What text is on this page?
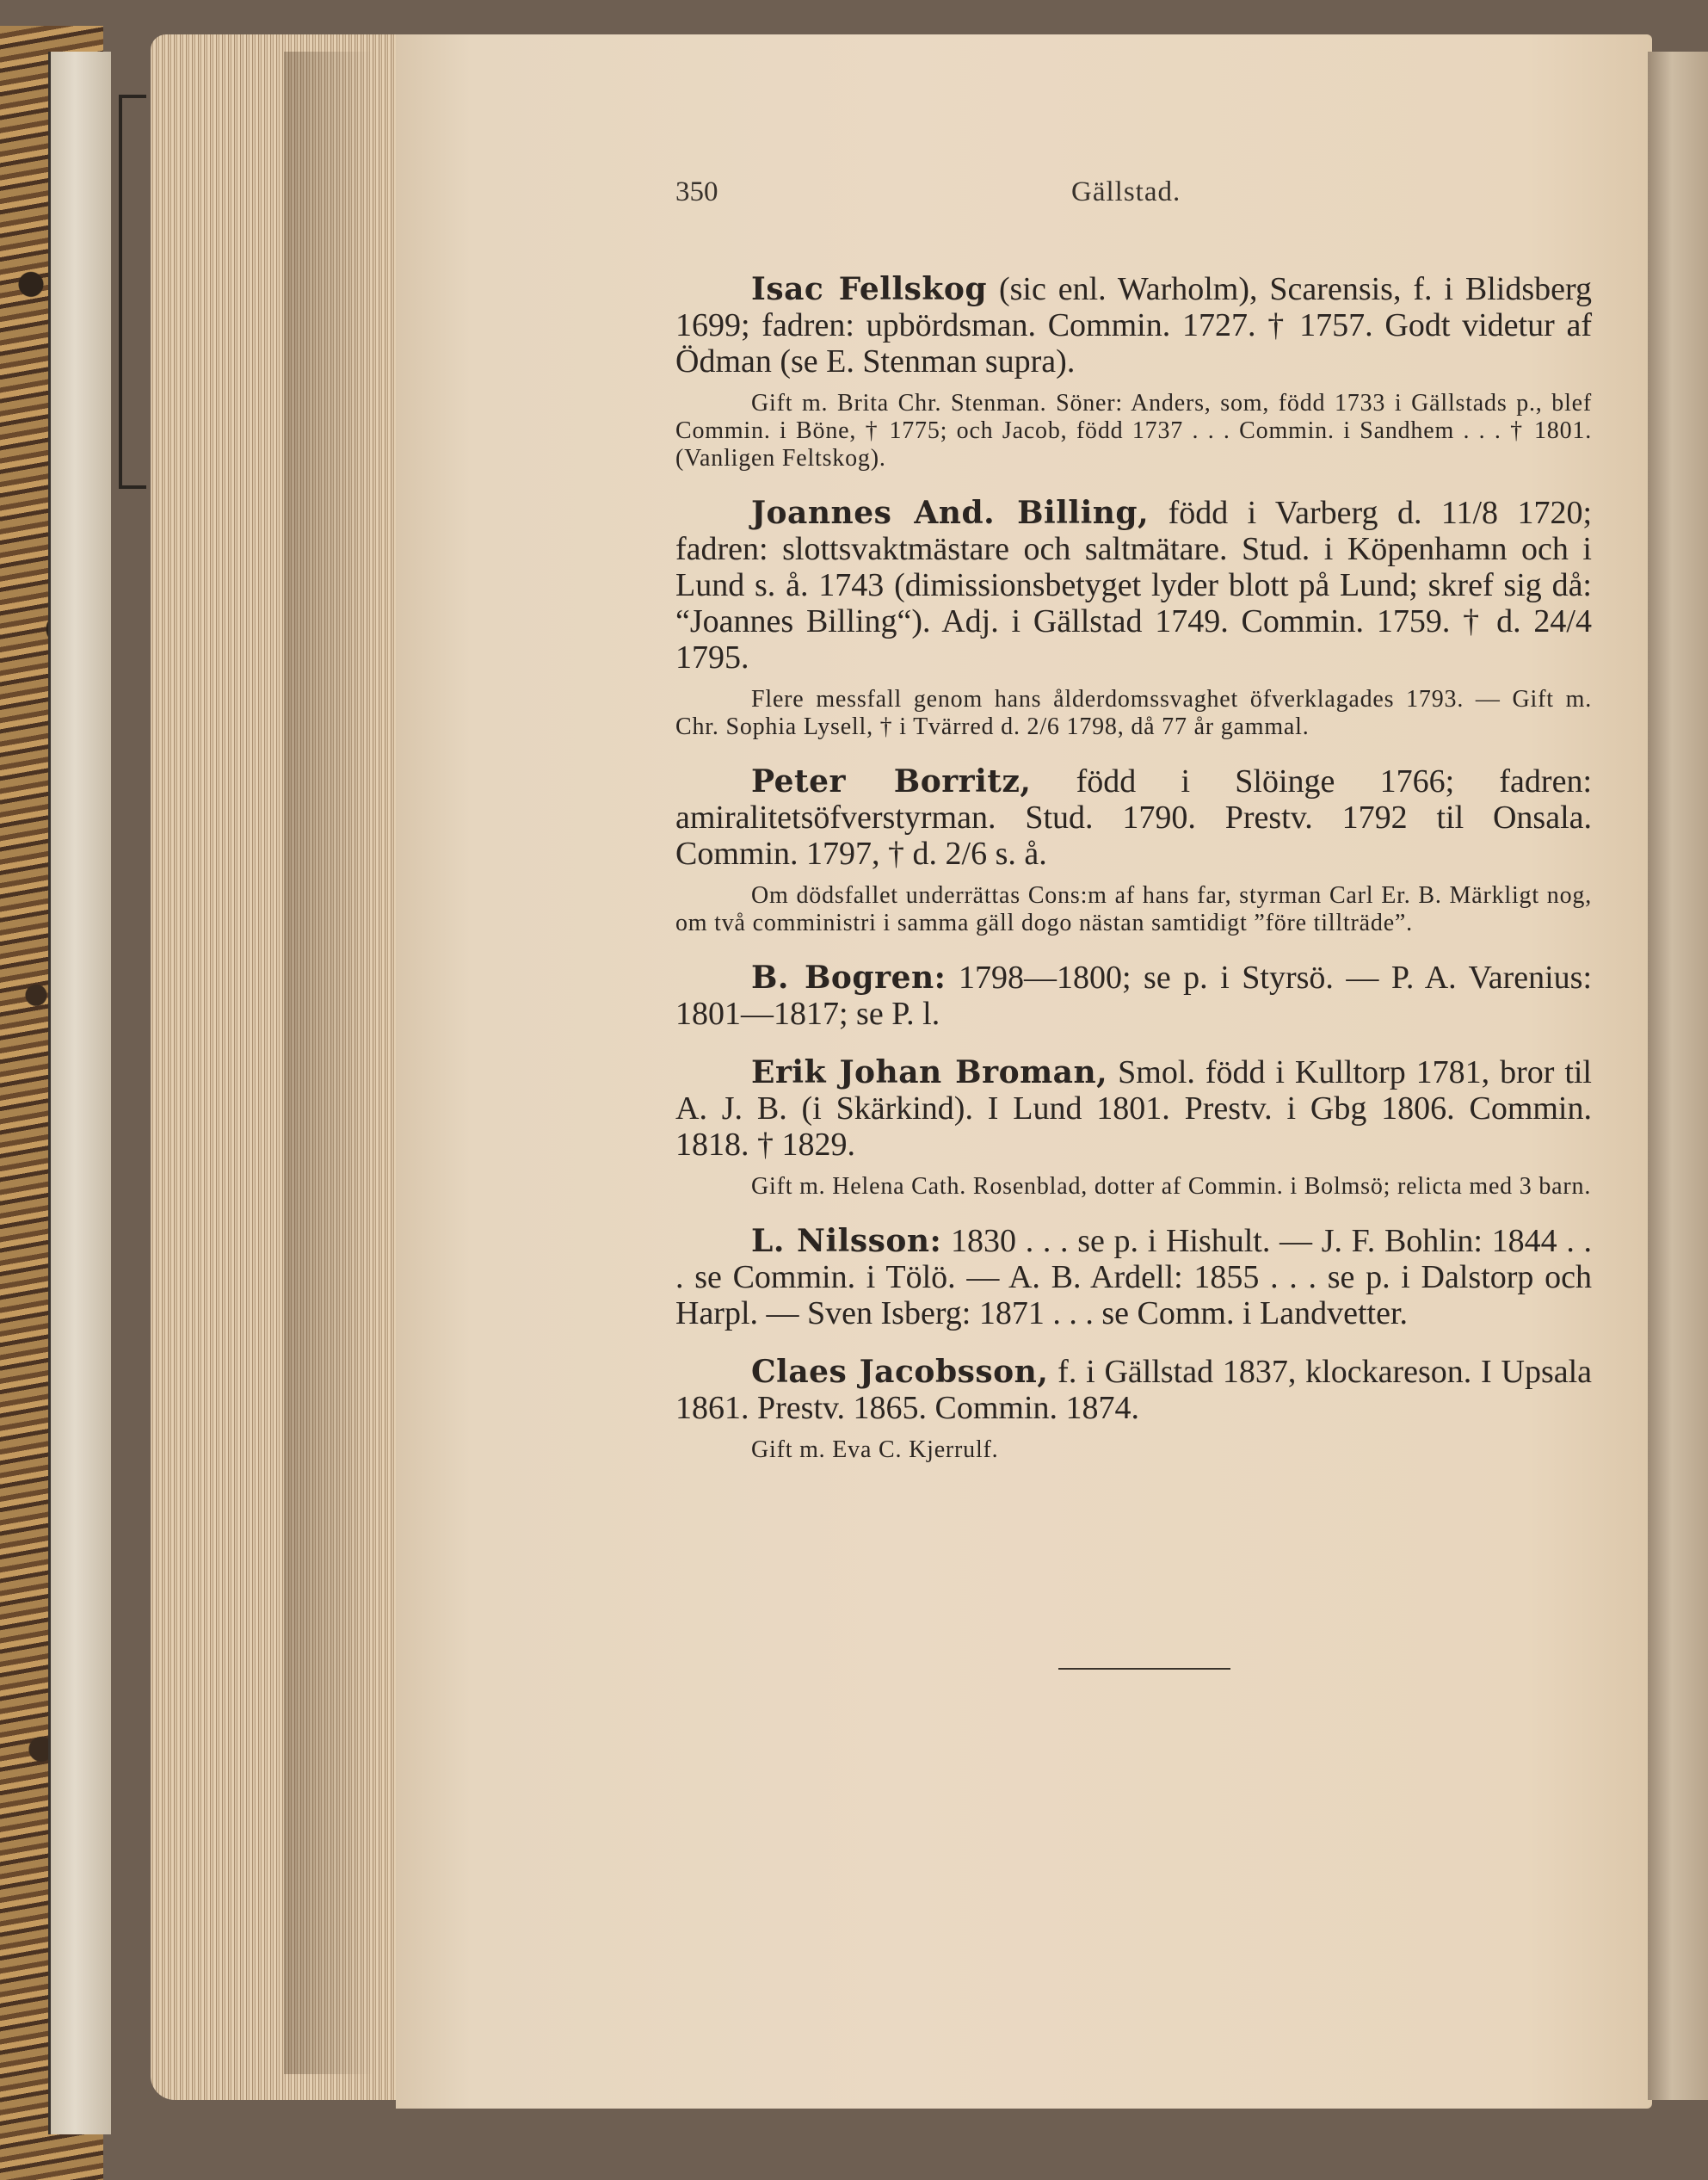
350	Gällstad.
Isac Fellskog (sic enl. Warholm), Scarensis, f. i Blidsberg 1699; fadren: upbördsman. Commin. 1727. † 1757. Godt videtur af Ödman (se E. Stenman supra).
Gift m. Brita Chr. Stenman. Söner: Anders, som, född 1733 i Gällstads p., blef Commin. i Böne, † 1775; och Jacob, född 1737 . . . Commin. i Sandhem . . . † 1801. (Vanligen Feltskog).
Joannes And. Billing, född i Varberg d. 11/8 1720; fadren: slottsvaktmästare och saltmätare. Stud. i Köpenhamn och i Lund s. å. 1743 (dimissionsbetyget lyder blott på Lund; skref sig då: “Joannes Billing“). Adj. i Gällstad 1749. Commin. 1759. † d. 24/4 1795.
Flere messfall genom hans ålderdomssvaghet öfverklagades 1793. — Gift m. Chr. Sophia Lysell, † i Tvärred d. 2/6 1798, då 77 år gammal.
Peter Borritz, född i Slöinge 1766; fadren: amiralitetsöfverstyrman. Stud. 1790. Prestv. 1792 til Onsala. Commin. 1797, † d. 2/6 s. å.
Om dödsfallet underrättas Cons:m af hans far, styrman Carl Er. B. Märkligt nog, om två comministri i samma gäll dogo nästan samtidigt ”före tillträde”.
B. Bogren: 1798—1800; se p. i Styrsö. — P. A. Varenius: 1801—1817; se P. l.
Erik Johan Broman, Smol. född i Kulltorp 1781, bror til A. J. B. (i Skärkind). I Lund 1801. Prestv. i Gbg 1806. Commin. 1818. † 1829.
Gift m. Helena Cath. Rosenblad, dotter af Commin. i Bolmsö; relicta med 3 barn.
L. Nilsson: 1830 . . . se p. i Hishult. — J. F. Bohlin: 1844 . . . se Commin. i Tölö. — A. B. Ardell: 1855 . . . se p. i Dalstorp och Harpl. — Sven Isberg: 1871 . . . se Comm. i Landvetter.
Claes Jacobsson, f. i Gällstad 1837, klockareson. I Upsala 1861. Prestv. 1865. Commin. 1874.
Gift m. Eva C. Kjerrulf.
